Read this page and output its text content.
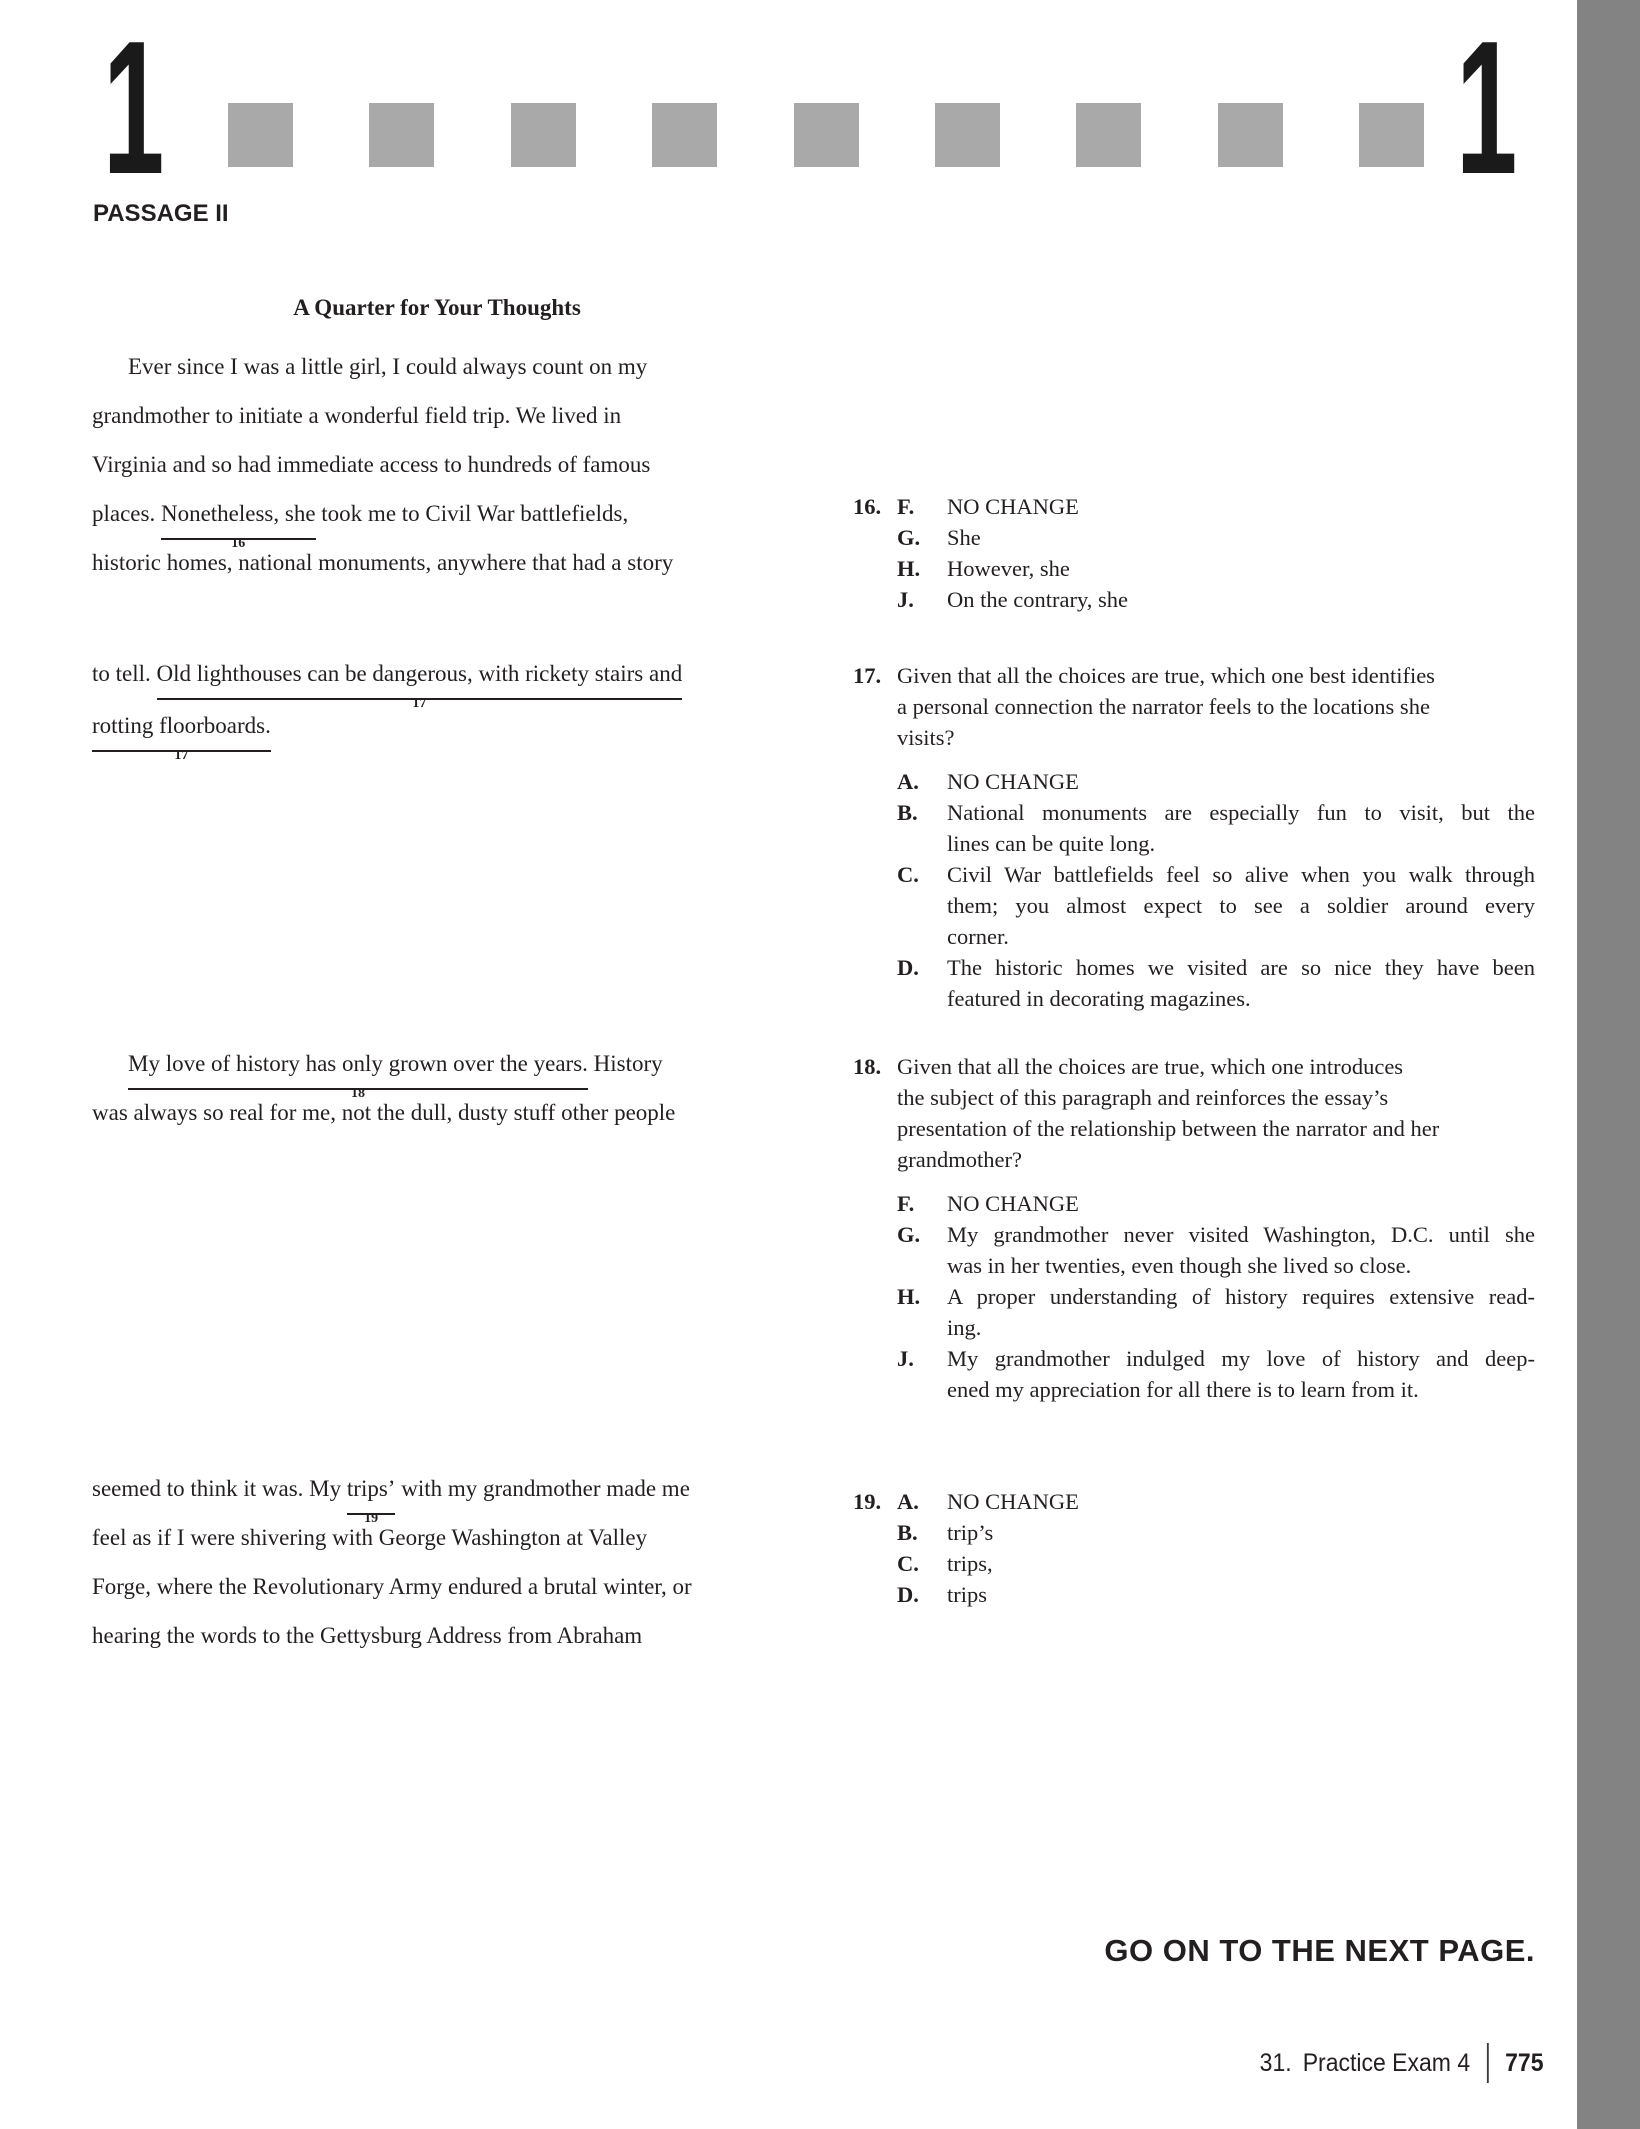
1	1
PASSAGE II
A Quarter for Your Thoughts
Ever since I was a little girl, I could always count on my
grandmother to initiate a wonderful field trip. We lived in
Virginia and so had immediate access to hundreds of famous
places. Nonetheless, she
16
took me to Civil War battlefields,
historic homes, national monuments, anywhere that had a story
to tell. Old lighthouses can be dangerous, with rickety stairs and
17
rotting floorboards.
17
My love of history has only grown over the years.
18
History
was always so real for me, not the dull, dusty stuff other people
seemed to think it was. My trips’
19
with my grandmother made me
feel as if I were shivering with George Washington at Valley
Forge, where the Revolutionary Army endured a brutal winter, or
hearing the words to the Gettysburg Address from Abraham
16. F.	NO CHANGE
G.	She
H.	However, she
J.	On the contrary, she
17. Given that all the choices are true, which one best identifies
a personal connection the narrator feels to the locations she
visits?
A.	NO CHANGE
B.	National monuments are especially fun to visit, but the
lines can be quite long.
C.	Civil War battlefields feel so alive when you walk through
them; you almost expect to see a soldier around every
corner.
D.	The historic homes we visited are so nice they have been
featured in decorating magazines.
18. Given that all the choices are true, which one introduces
the subject of this paragraph and reinforces the essay’s
presentation of the relationship between the narrator and her
grandmother?
F.	NO CHANGE
G.	My grandmother never visited Washington, D.C. until she
was in her twenties, even though she lived so close.
H.	A proper understanding of history requires extensive read-
ing.
J.	My grandmother indulged my love of history and deep-
ened my appreciation for all there is to learn from it.
19. A.	NO CHANGE
B.	trip’s
C.	trips,
D.	trips
GO ON TO THE NEXT PAGE.
31. Practice Exam 4 775
